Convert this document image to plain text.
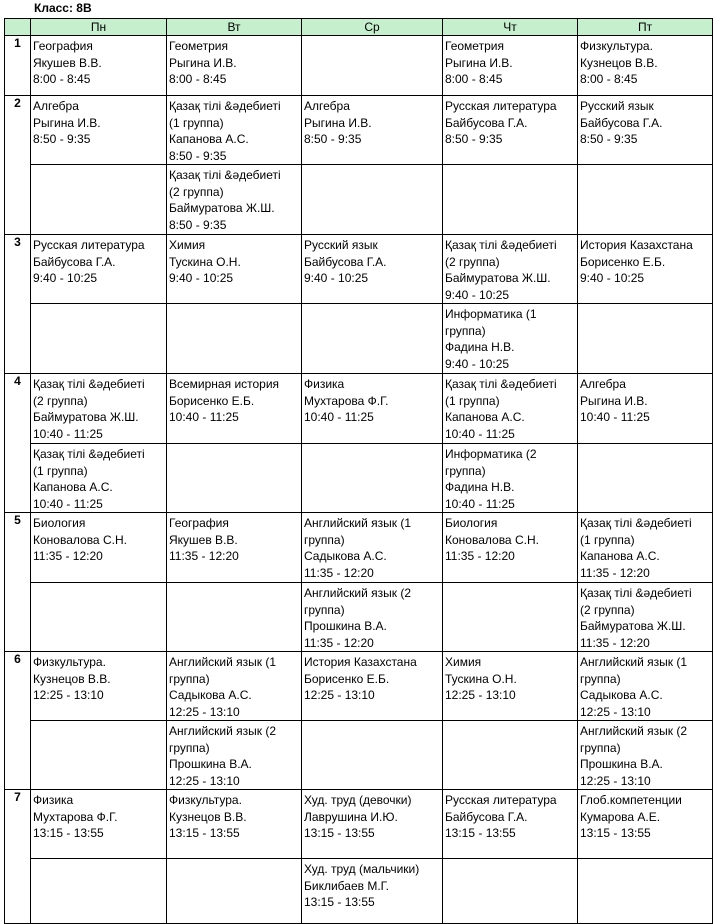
Класс: 8В
	Пн	Вт	Ср	Чт	Пт
1	География
Якушев В.В.
8:00 - 8:45	Геометрия
Рыгина И.В.
8:00 - 8:45		Геометрия
Рыгина И.В.
8:00 - 8:45	Физкультура.
Кузнецов В.В.
8:00 - 8:45

2	Алгебра
Рыгина И.В.
8:50 - 9:35	Қазақ тілі &әдебиеті
(1 группа)
Капанова А.С.
8:50 - 9:35	Алгебра
Рыгина И.В.
8:50 - 9:35	Русская литература
Байбусова Г.А.
8:50 - 9:35	Русский язык
Байбусова Г.А.
8:50 - 9:35

		Қазақ тілі &әдебиеті
(2 группа)
Баймуратова Ж.Ш.
8:50 - 9:35			

3	Русская литература
Байбусова Г.А.
9:40 - 10:25	Химия
Тускина О.Н.
9:40 - 10:25	Русский язык
Байбусова Г.А.
9:40 - 10:25	Қазақ тілі &әдебиеті
(2 группа)
Баймуратова Ж.Ш.
9:40 - 10:25	История Казахстана
Борисенко Е.Б.
9:40 - 10:25

				Информатика (1
группа)
Фадина Н.В.
9:40 - 10:25	

4	Қазақ тілі &әдебиеті
(2 группа)
Баймуратова Ж.Ш.
10:40 - 11:25	Всемирная история
Борисенко Е.Б.
10:40 - 11:25	Физика
Мухтарова Ф.Г.
10:40 - 11:25	Қазақ тілі &әдебиеті
(1 группа)
Капанова А.С.
10:40 - 11:25	Алгебра
Рыгина И.В.
10:40 - 11:25

	Қазақ тілі &әдебиеті
(1 группа)
Капанова А.С.
10:40 - 11:25			Информатика (2
группа)
Фадина Н.В.
10:40 - 11:25	

5	Биология
Коновалова С.Н.
11:35 - 12:20	География
Якушев В.В.
11:35 - 12:20	Английский язык (1
группа)
Садыкова А.С.
11:35 - 12:20	Биология
Коновалова С.Н.
11:35 - 12:20	Қазақ тілі &әдебиеті
(1 группа)
Капанова А.С.
11:35 - 12:20

			Английский язык (2
группа)
Прошкина В.А.
11:35 - 12:20		Қазақ тілі &әдебиеті
(2 группа)
Баймуратова Ж.Ш.
11:35 - 12:20

6	Физкультура.
Кузнецов В.В.
12:25 - 13:10	Английский язык (1
группа)
Садыкова А.С.
12:25 - 13:10	История Казахстана
Борисенко Е.Б.
12:25 - 13:10	Химия
Тускина О.Н.
12:25 - 13:10	Английский язык (1
группа)
Садыкова А.С.
12:25 - 13:10

		Английский язык (2
группа)
Прошкина В.А.
12:25 - 13:10			Английский язык (2
группа)
Прошкина В.А.
12:25 - 13:10

7	Физика
Мухтарова Ф.Г.
13:15 - 13:55	Физкультура.
Кузнецов В.В.
13:15 - 13:55	Худ. труд (девочки)
Лаврушина И.Ю.
13:15 - 13:55	Русская литература
Байбусова Г.А.
13:15 - 13:55	Глоб.компетенции
Кумарова А.Е.
13:15 - 13:55

			Худ. труд (мальчики)
Биклибаев М.Г.
13:15 - 13:55		
